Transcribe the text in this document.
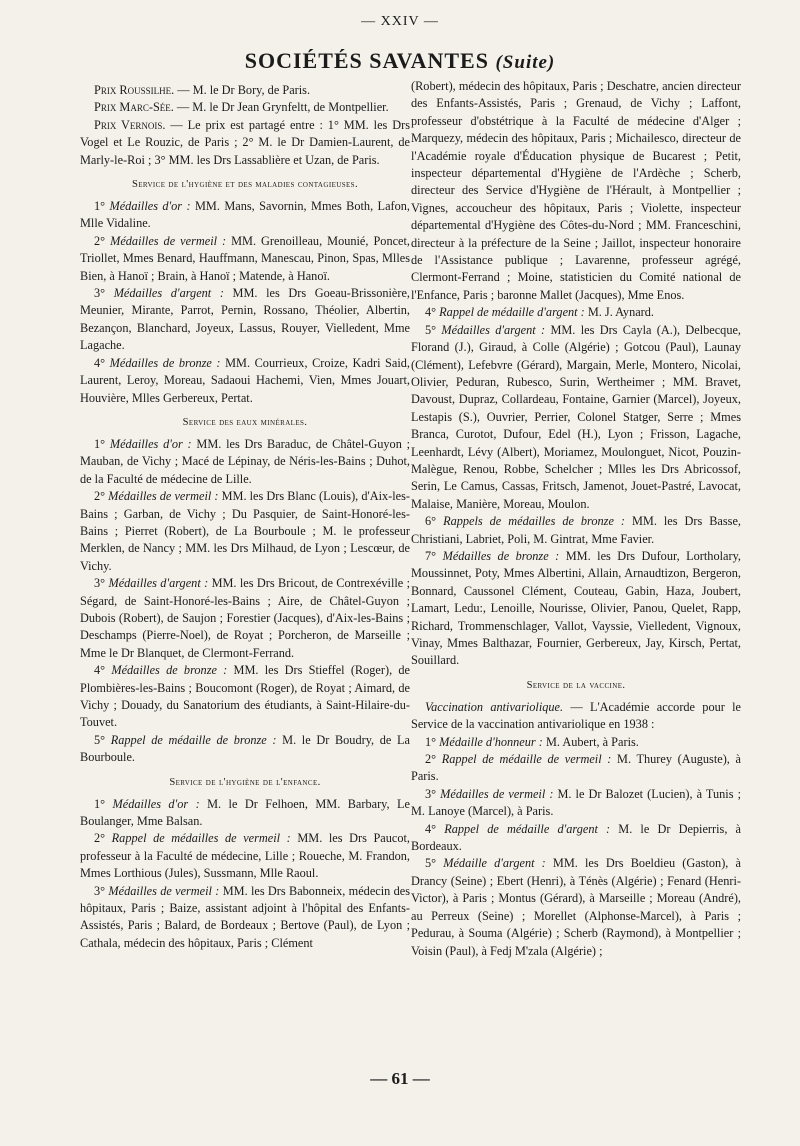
— XXIV —
SOCIÉTÉS SAVANTES (Suite)

Prix Roussilhe. — M. le Dr Bory, de Paris.

Prix Marc-Sée. — M. le Dr Jean Grynfeltt, de Montpellier.

Prix Vernois. — Le prix est partagé entre : 1° MM. les Drs Vogel et Le Rouzic, de Paris ; 2° M. le Dr Damien-Laurent, de Marly-le-Roi ; 3° MM. les Drs Lassablière et Uzan, de Paris.

Service de l'hygiène et des maladies contagieuses.

1° Médailles d'or : MM. Mans, Savornin, Mmes Both, Lafon, Mlle Vidaline.

2° Médailles de vermeil : MM. Grenoilleau, Mounié, Poncet, Triollet, Mmes Benard, Hauffmann, Manescau, Pinon, Spas, Mlles Bien, à Hanoï ; Brain, à Hanoï ; Matende, à Hanoï.

3° Médailles d'argent : MM. les Drs Goeau-Brissonière, Meunier, Mirante, Parrot, Pernin, Rossano, Théolier, Albertin, Bezançon, Blanchard, Joyeux, Lassus, Rouyer, Vielledent, Mme Lagache.

4° Médailles de bronze : MM. Courrieux, Croize, Kadri Said, Laurent, Leroy, Moreau, Sadaoui Hachemi, Vien, Mmes Jouart, Houvière, Mlles Gerbereux, Pertat.

Service des eaux minérales.

1° Médailles d'or : MM. les Drs Baraduc, de Châtel-Guyon ; Mauban, de Vichy ; Macé de Lépinay, de Néris-les-Bains ; Duhot, de la Faculté de médecine de Lille.

2° Médailles de vermeil : MM. les Drs Blanc (Louis), d'Aix-les-Bains ; Garban, de Vichy ; Du Pasquier, de Saint-Honoré-les-Bains ; Pierret (Robert), de La Bourboule ; M. le professeur Merklen, de Nancy ; MM. les Drs Milhaud, de Lyon ; Lescœur, de Vichy.

3° Médailles d'argent : MM. les Drs Bricout, de Contrexéville ; Ségard, de Saint-Honoré-les-Bains ; Aire, de Châtel-Guyon ; Dubois (Robert), de Saujon ; Forestier (Jacques), d'Aix-les-Bains ; Deschamps (Pierre-Noel), de Royat ; Porcheron, de Marseille ; Mme le Dr Blanquet, de Clermont-Ferrand.

4° Médailles de bronze : MM. les Drs Stieffel (Roger), de Plombières-les-Bains ; Boucomont (Roger), de Royat ; Aimard, de Vichy ; Douady, du Sanatorium des étudiants, à Saint-Hilaire-du-Touvet.

5° Rappel de médaille de bronze : M. le Dr Boudry, de La Bourboule.

Service de l'hygiène de l'enfance.

1° Médailles d'or : M. le Dr Felhoen, MM. Barbary, Le Boulanger, Mme Balsan.

2° Rappel de médailles de vermeil : MM. les Drs Paucot, professeur à la Faculté de médecine, Lille ; Roueche, M. Frandon, Mmes Lorthious (Jules), Sussmann, Mlle Raoul.

3° Médailles de vermeil : MM. les Drs Babonneix, médecin des hôpitaux, Paris ; Baize, assistant adjoint à l'hôpital des Enfants-Assistés, Paris ; Balard, de Bordeaux ; Bertove (Paul), de Lyon ; Cathala, médecin des hôpitaux, Paris ; Clément

(Robert), médecin des hôpitaux, Paris ; Deschatre, ancien directeur des Enfants-Assistés, Paris ; Grenaud, de Vichy ; Laffont, professeur d'obstétrique à la Faculté de médecine d'Alger ; Marquezy, médecin des hôpitaux, Paris ; Michailesco, directeur de l'Académie royale d'Éducation physique de Bucarest ; Petit, inspecteur départemental d'Hygiène de l'Ardèche ; Scherb, directeur des Service d'Hygiène de l'Hérault, à Montpellier ; Vignes, accoucheur des hôpitaux, Paris ; Violette, inspecteur départemental d'Hygiène des Côtes-du-Nord ; MM. Franceschini, directeur à la préfecture de la Seine ; Jaillot, inspecteur honoraire de l'Assistance publique ; Lavarenne, professeur agrégé, Clermont-Ferrand ; Moine, statisticien du Comité national de l'Enfance, Paris ; baronne Mallet (Jacques), Mme Enos.

4° Rappel de médaille d'argent : M. J. Aynard.

5° Médailles d'argent : MM. les Drs Cayla (A.), Delbecque, Florand (J.), Giraud, à Colle (Algérie) ; Gotcou (Paul), Launay (Clément), Lefebvre (Gérard), Margain, Merle, Montero, Nicolai, Olivier, Peduran, Rubesco, Surin, Wertheimer ; MM. Bravet, Davoust, Dupraz, Collardeau, Fontaine, Garnier (Marcel), Joyeux, Lestapis (S.), Ouvrier, Perrier, Colonel Statger, Serre ; Mmes Branca, Curotot, Dufour, Edel (H.), Lyon ; Frisson, Lagache, Leenhardt, Lévy (Albert), Moriamez, Moulonguet, Nicot, Pouzin-Malègue, Renou, Robbe, Schelcher ; Mlles les Drs Abricossof, Serin, Le Camus, Cassas, Fritsch, Jamenot, Jouet-Pastré, Lavocat, Malaise, Manière, Moreau, Moulon.

6° Rappels de médailles de bronze : MM. les Drs Basse, Christiani, Labriet, Poli, M. Gintrat, Mme Favier.

7° Médailles de bronze : MM. les Drs Dufour, Lortholary, Moussinnet, Poty, Mmes Albertini, Allain, Arnaudtizon, Bergeron, Bonnard, Caussonel Clément, Couteau, Gabin, Haza, Joubert, Lamart, Ledu:, Lenoille, Nourisse, Olivier, Panou, Quelet, Rapp, Richard, Trommenschlager, Vallot, Vayssie, Vielledent, Vignoux, Vinay, Mmes Balthazar, Fournier, Gerbereux, Jay, Kirsch, Pertat, Souillard.

Service de la vaccine.

Vaccination antivariolique. — L'Académie accorde pour le Service de la vaccination antivariolique en 1938 :

1° Médaille d'honneur : M. Aubert, à Paris.

2° Rappel de médaille de vermeil : M. Thurey (Auguste), à Paris.

3° Médailles de vermeil : M. le Dr Balozet (Lucien), à Tunis ; M. Lanoye (Marcel), à Paris.

4° Rappel de médaille d'argent : M. le Dr Depierris, à Bordeaux.

5° Médaille d'argent : MM. les Drs Boeldieu (Gaston), à Drancy (Seine) ; Ebert (Henri), à Ténès (Algérie) ; Fenard (Henri-Victor), à Paris ; Montus (Gérard), à Marseille ; Moreau (André), au Perreux (Seine) ; Morellet (Alphonse-Marcel), à Paris ; Pedurau, à Souma (Algérie) ; Scherb (Raymond), à Montpellier ; Voisin (Paul), à Fedj M'zala (Algérie) ;

— 61 —
